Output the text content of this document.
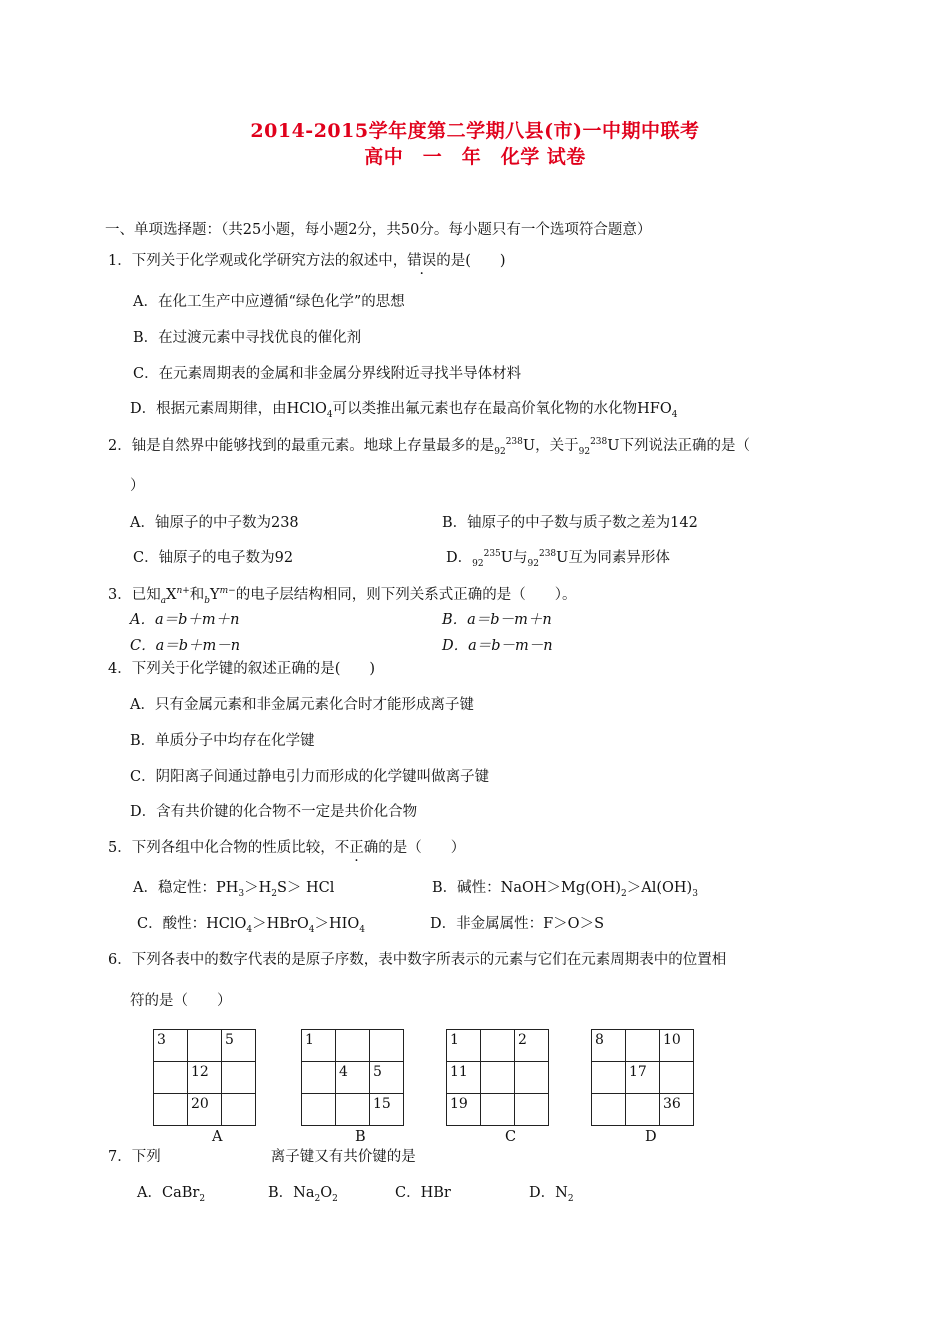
2014-2015学年度第二学期八县(市)一中期中联考
高中　一　年　化学 试卷
一、单项选择题：（共25小题，每小题2分，共50分。每小题只有一个选项符合题意）
1．下列关于化学观或化学研究方法的叙述中，错误的是(　　)
A．在化工生产中应遵循“绿色化学”的思想
B．在过渡元素中寻找优良的催化剂
C．在元素周期表的金属和非金属分界线附近寻找半导体材料
D．根据元素周期律，由HClO$_4$可以类推出氟元素也存在最高价氧化物的水化物$HFO_4$
2．铀是自然界中能够找到的最重元素。地球上存量最多的是$_{92}^{238}$U，关于$_{92}^{238}$U下列说法正确的是（
）
A．铀原子的中子数为238	B．铀原子的中子数与质子数之差为142
C．铀原子的电子数为92	D．$_{92}^{235}$U与$_{92}^{238}$U互为同素异形体
3．已知$_aX^{n+}$和$_bY^{m-}$的电子层结构相同，则下列关系式正确的是（　　）。
A．a＝b＋m＋n	B．a＝b－m＋n
C．a＝b＋m－n	D．a＝b－m－n
4．下列关于化学键的叙述正确的是(　　)
A．只有金属元素和非金属元素化合时才能形成离子键
B．单质分子中均存在化学键
C．阴阳离子间通过静电引力而形成的化学键叫做离子键
D．含有共价键的化合物不一定是共价化合物
5．下列各组中化合物的性质比较，不正确的是（　　）
A．稳定性：$PH_3>H_2S>$ HCl	B．碱性：$NaOH>Mg(OH)_2>Al(OH)_3$
C．酸性：$HClO_4>HBrO_4>HIO_4$	D．非金属属性：F＞O＞S
6．下列各表中的数字代表的是原子序数，表中数字所表示的元素与它们在元素周期表中的位置相
符的是（　　）
3		5
	12	
	20	
A
1		
	4	5
		15
B
1		2
11		
19		
C
8		10
	17	
		36
D
7．下列	离子键又有共价键的是
A．CaBr$_2$	B．$Na_2O_2$	C．HBr	D．$N_2$
